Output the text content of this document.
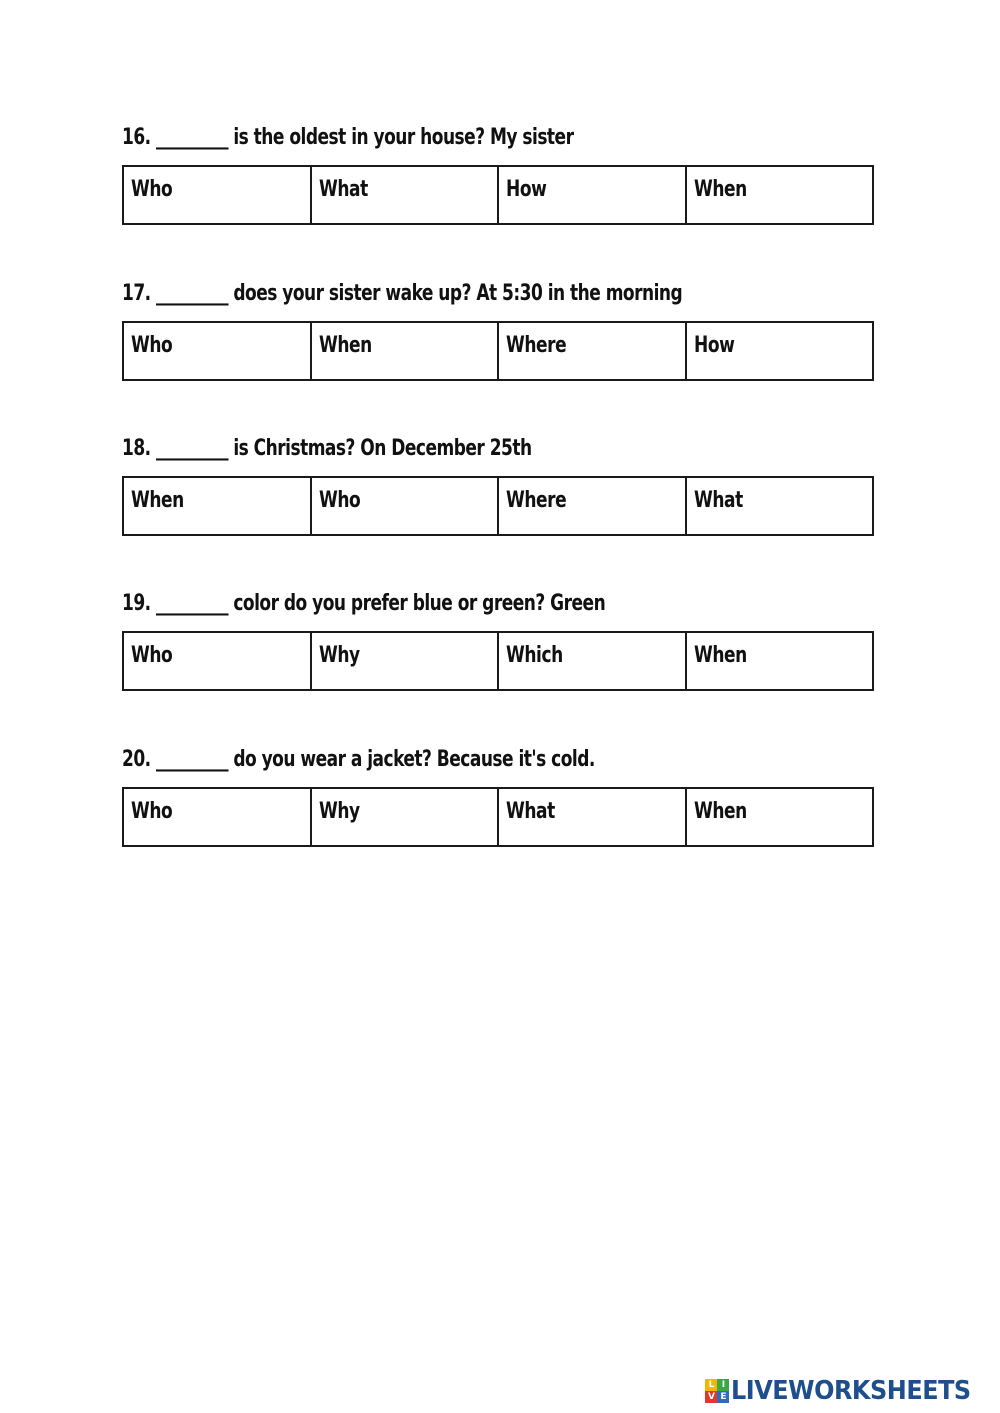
16. _________ is the oldest in your house? My sister
Who	What	How	When
17. _________ does your sister wake up? At 5:30 in the morning
Who	When	Where	How
18. _________ is Christmas? On December 25th
When	Who	Where	What
19. _________ color do you prefer blue or green? Green
Who	Why	Which	When
20. _________ do you wear a jacket? Because it's cold.
Who	Why	What	When
L I
V E LIVEWORKSHEETS
